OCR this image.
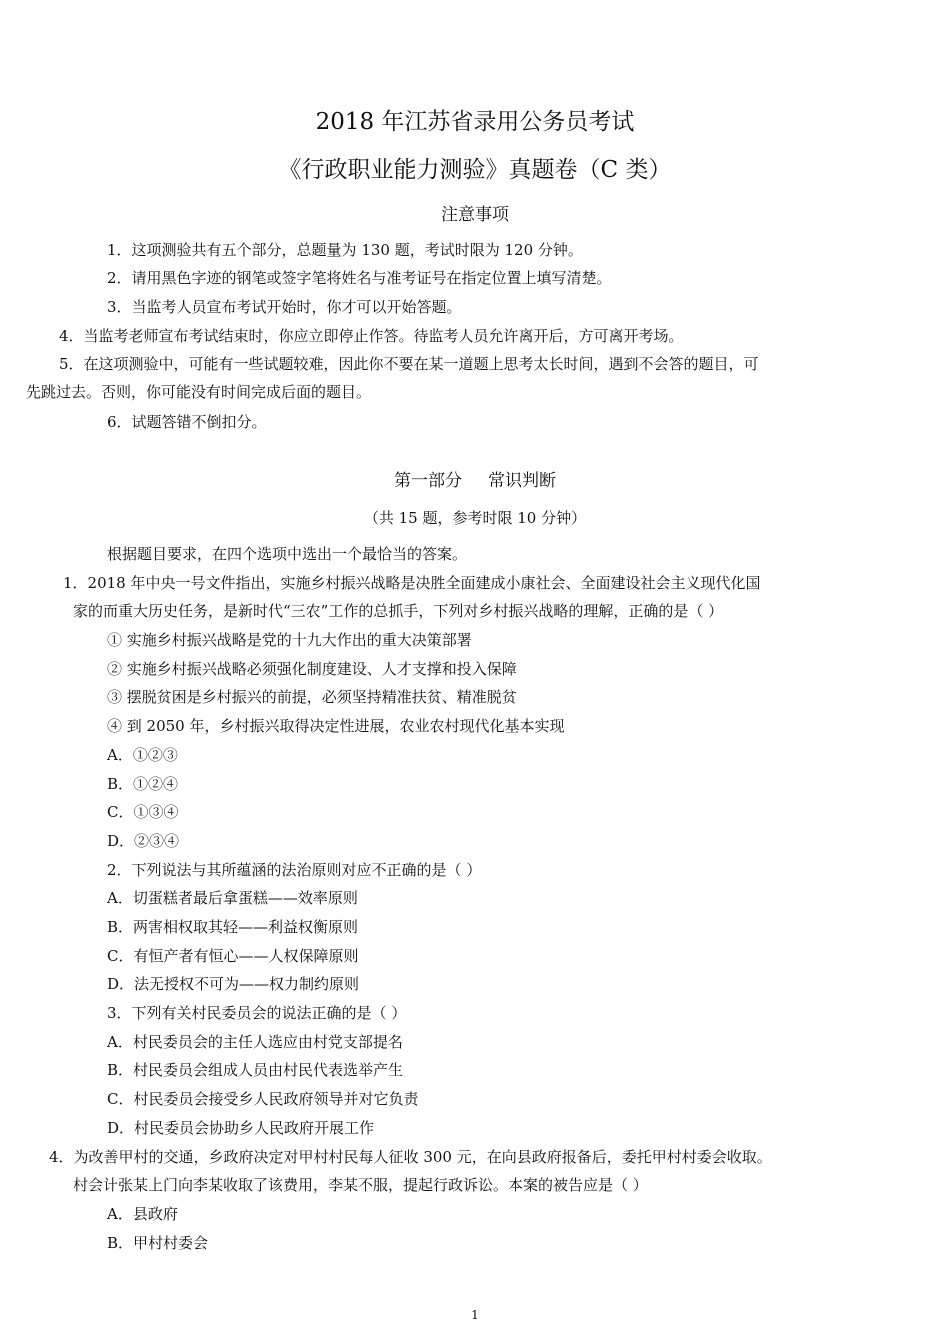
2018 年江苏省录用公务员考试
《行政职业能力测验》真题卷（C 类）
注意事项
1．这项测验共有五个部分，总题量为 130 题，考试时限为 120 分钟。
2．请用黑色字迹的钢笔或签字笔将姓名与准考证号在指定位置上填写清楚。
3．当监考人员宣布考试开始时，你才可以开始答题。
4．当监考老师宣布考试结束时，你应立即停止作答。待监考人员允许离开后，方可离开考场。
5．在这项测验中，可能有一些试题较难，因此你不要在某一道题上思考太长时间，遇到不会答的题目，可
先跳过去。否则，你可能没有时间完成后面的题目。
6．试题答错不倒扣分。
第一部分 常识判断
（共 15 题，参考时限 10 分钟）
根据题目要求，在四个选项中选出一个最恰当的答案。
1．2018 年中央一号文件指出，实施乡村振兴战略是决胜全面建成小康社会、全面建设社会主义现代化国
家的而重大历史任务，是新时代“三农”工作的总抓手，下列对乡村振兴战略的理解，正确的是（ ）
① 实施乡村振兴战略是党的十九大作出的重大决策部署
② 实施乡村振兴战略必须强化制度建设、人才支撑和投入保障
③ 摆脱贫困是乡村振兴的前提，必须坚持精准扶贫、精准脱贫
④ 到 2050 年，乡村振兴取得决定性进展，农业农村现代化基本实现
A．①②③
B．①②④
C．①③④
D．②③④
2．下列说法与其所蕴涵的法治原则对应不正确的是（ ）
A．切蛋糕者最后拿蛋糕——效率原则
B．两害相权取其轻——利益权衡原则
C．有恒产者有恒心——人权保障原则
D．法无授权不可为——权力制约原则
3．下列有关村民委员会的说法正确的是（ ）
A．村民委员会的主任人选应由村党支部提名
B．村民委员会组成人员由村民代表选举产生
C．村民委员会接受乡人民政府领导并对它负责
D．村民委员会协助乡人民政府开展工作
4．为改善甲村的交通，乡政府决定对甲村村民每人征收 300 元，在向县政府报备后，委托甲村村委会收取。
村会计张某上门向李某收取了该费用，李某不服，提起行政诉讼。本案的被告应是（ ）
A．县政府
B．甲村村委会
1
